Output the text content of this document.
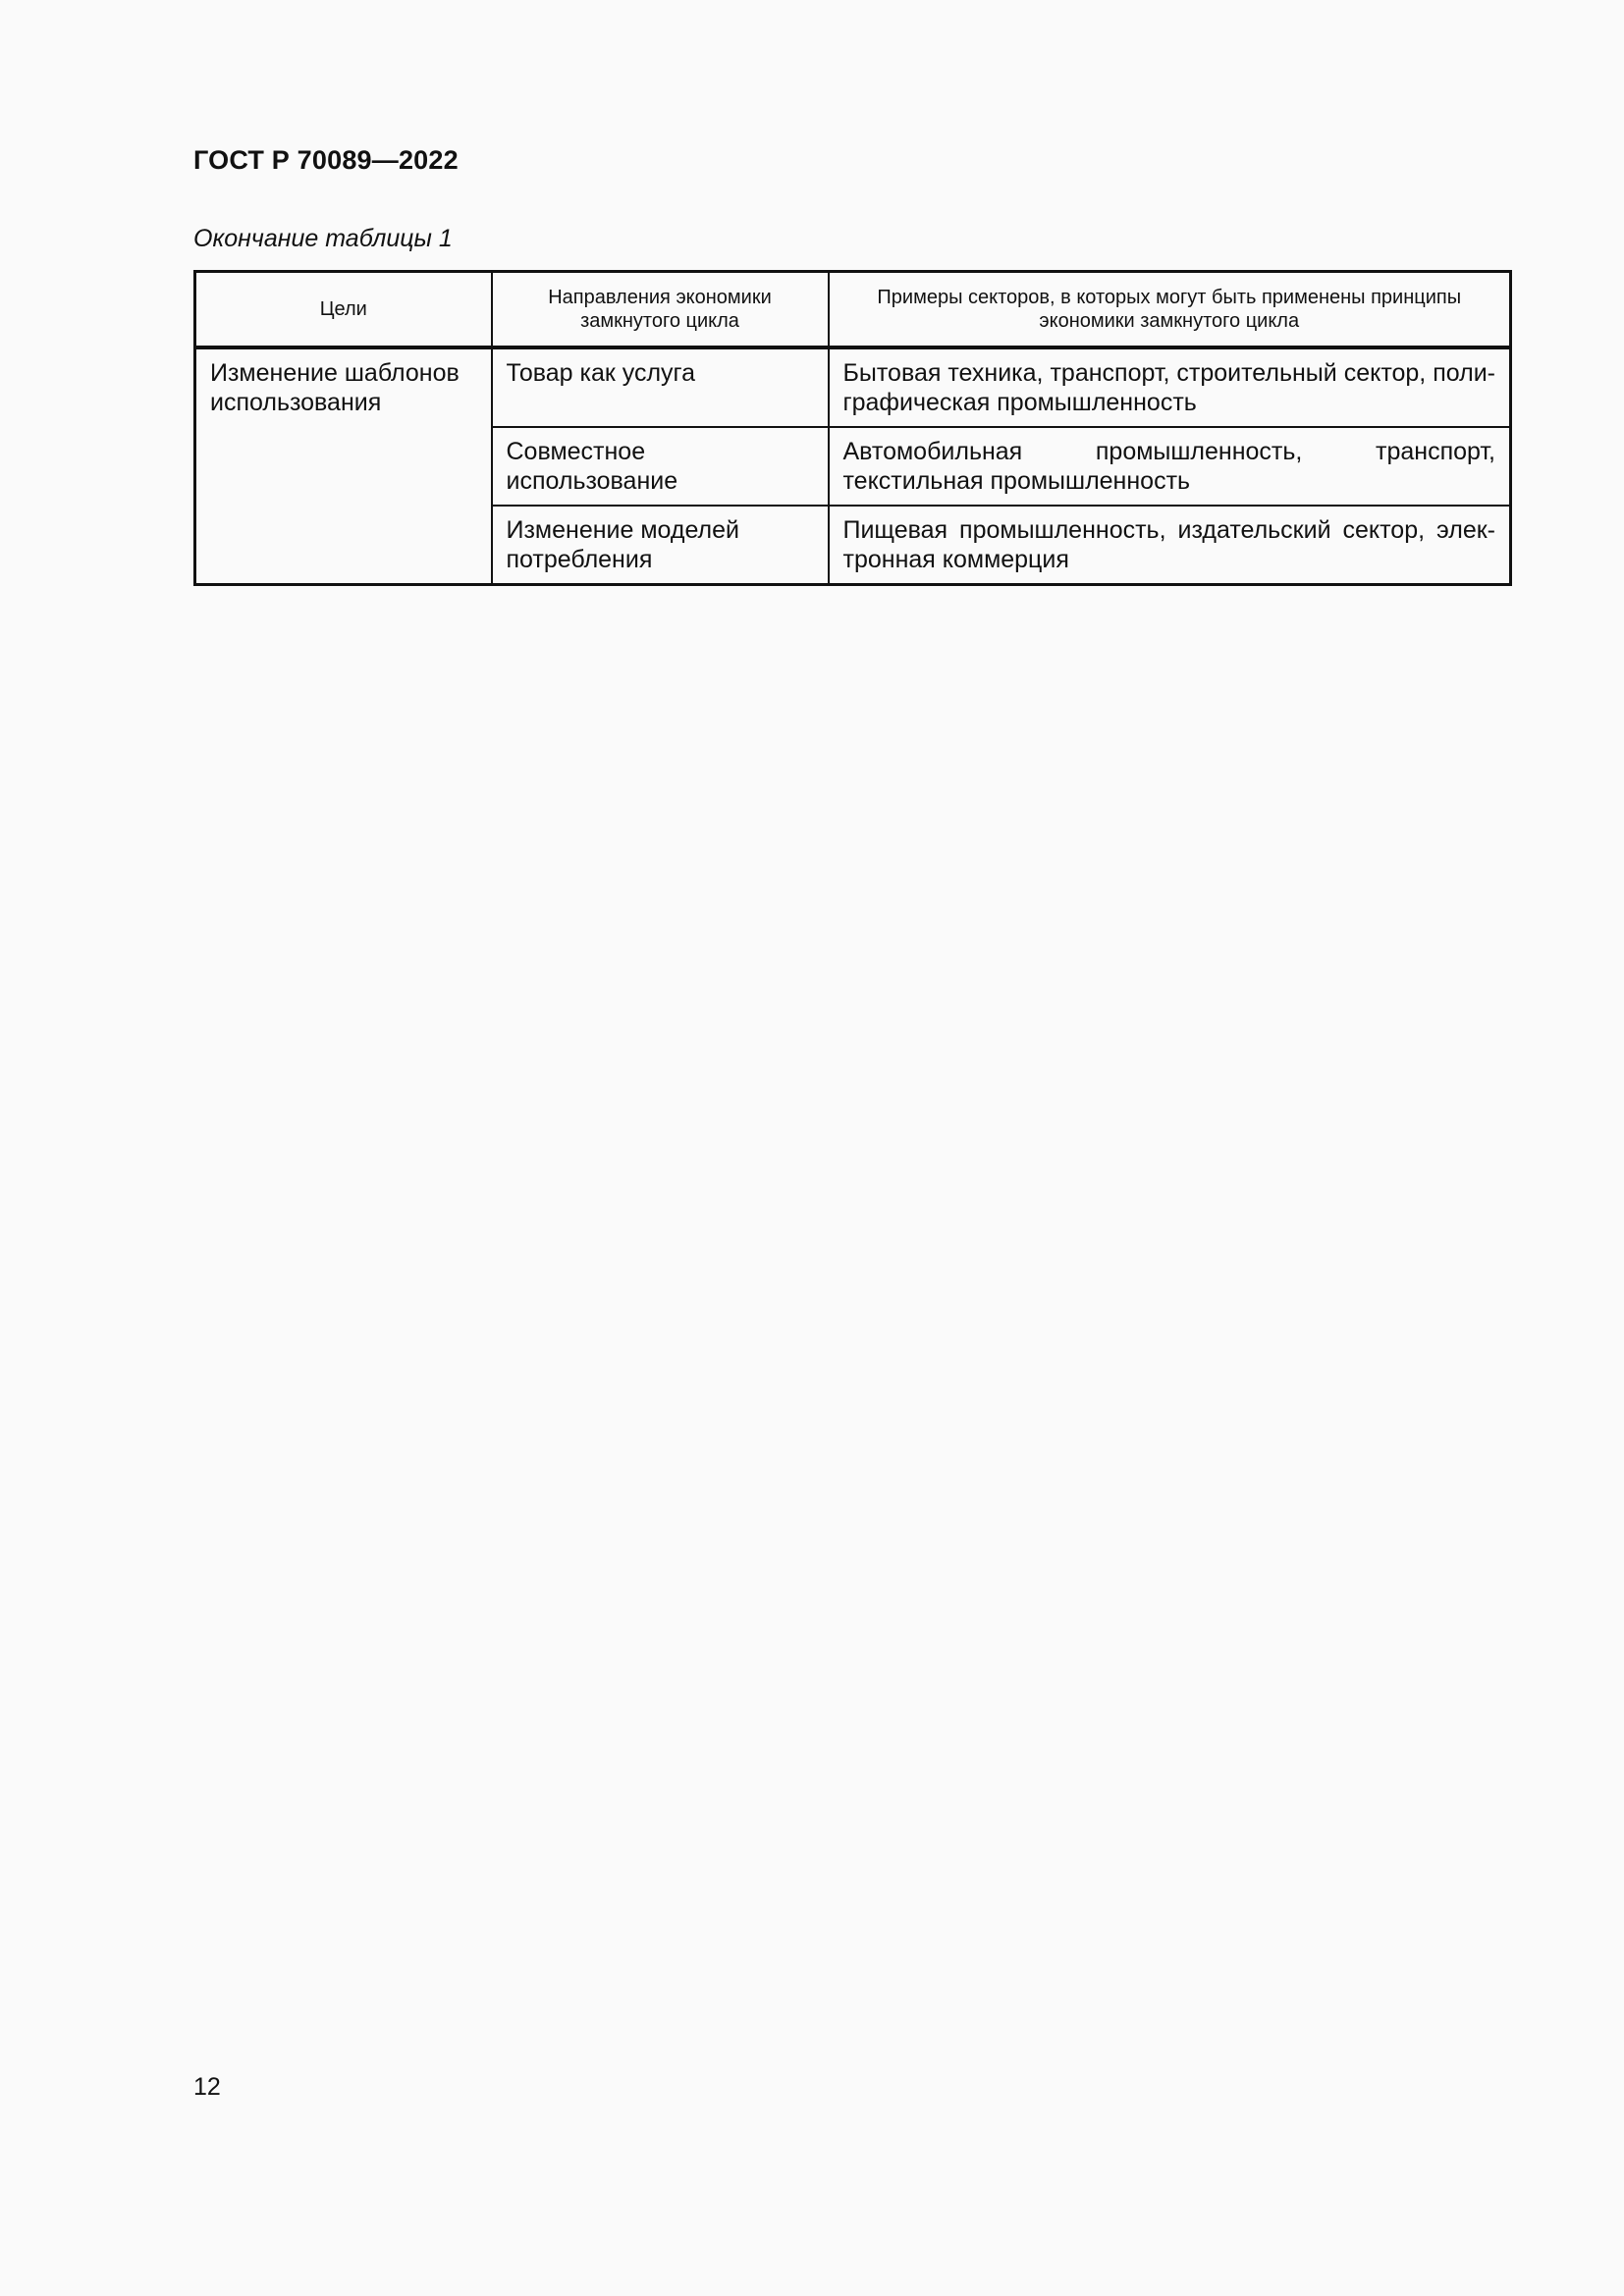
ГОСТ Р 70089—2022
Окончание таблицы 1
Цели	Направления экономики замкнутого цикла	Примеры секторов, в которых могут быть применены принципы экономики замкнутого цикла
Изменение шаблонов использования	Товар как услуга	Бытовая техника, транспорт, строительный сектор, поли-графическая промышленность
	Совместное использование	Автомобильная промышленность, транспорт, текстильная промышленность
	Изменение моделей потребления	Пищевая промышленность, издательский сектор, элек-тронная коммерция
12
